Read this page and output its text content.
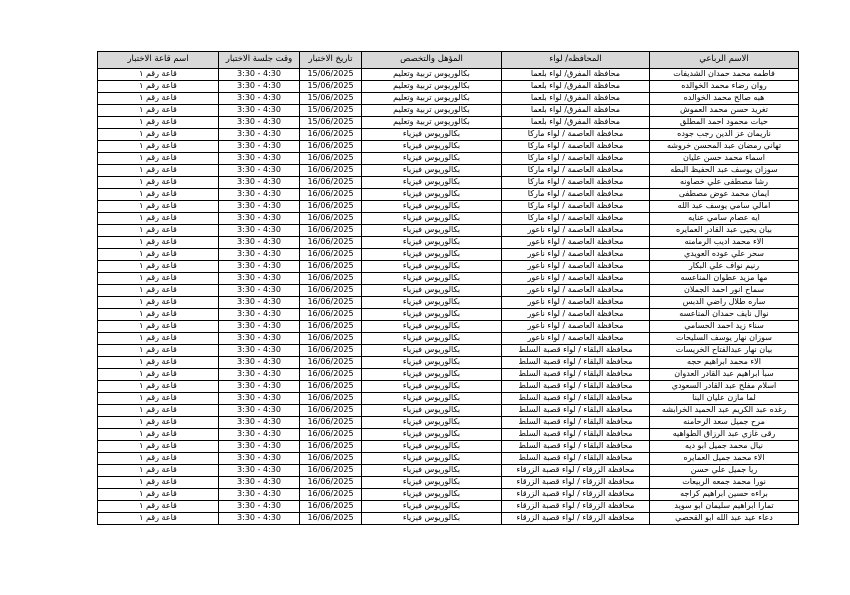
الاسم الرباعي	المحافظه/ لواء	المؤهل والتخصص	تاريخ الاختبار	وقت جلسة الاختبار	اسم قاعة الاختبار
فاطمه محمد حمدان الشديفات	محافظة المفرق/ لواء بلعما	بكالوريوس تربية وتعليم	15/06/2025	3:30 - 4:30	قاعة رقم ١
روان رضاء محمد الخوالده	محافظة المفرق/ لواء بلعما	بكالوريوس تربية وتعليم	15/06/2025	3:30 - 4:30	قاعة رقم ١
هبه صالح محمد الخوالده	محافظة المفرق/ لواء بلعما	بكالوريوس تربية وتعليم	15/06/2025	3:30 - 4:30	قاعة رقم ١
تغريد حسن محمد العموش	محافظة المفرق/ لواء بلعما	بكالوريوس تربية وتعليم	15/06/2025	3:30 - 4:30	قاعة رقم ١
حيات محمود احمد المطلق	محافظة المفرق/ لواء بلعما	بكالوريوس تربية وتعليم	15/06/2025	3:30 - 4:30	قاعة رقم ١
ناريمان عز الدين رجب جوده	محافظة العاصمة / لواء ماركا	بكالوريوس فيزياء	16/06/2025	3:30 - 4:30	قاعة رقم ١
تهاني رمضان عبد المحسن خروشه	محافظة العاصمة / لواء ماركا	بكالوريوس فيزياء	16/06/2025	3:30 - 4:30	قاعة رقم ١
اسماء محمد حسن عليان	محافظة العاصمة / لواء ماركا	بكالوريوس فيزياء	16/06/2025	3:30 - 4:30	قاعة رقم ١
سوزان يوسف عبد الحفيظ البطه	محافظة العاصمة / لواء ماركا	بكالوريوس فيزياء	16/06/2025	3:30 - 4:30	قاعة رقم ١
رشا مصطفى علي خصاونه	محافظة العاصمة / لواء ماركا	بكالوريوس فيزياء	16/06/2025	3:30 - 4:30	قاعة رقم ١
ايمان محمد عوض مصطفى	محافظة العاصمة / لواء ماركا	بكالوريوس فيزياء	16/06/2025	3:30 - 4:30	قاعة رقم ١
امالي سامي يوسف عبد الله	محافظة العاصمة / لواء ماركا	بكالوريوس فيزياء	16/06/2025	3:30 - 4:30	قاعة رقم ١
ايه عصام سامي عنايه	محافظة العاصمة / لواء ماركا	بكالوريوس فيزياء	16/06/2025	3:30 - 4:30	قاعة رقم ١
بيان يحيى عبد القادر العمايره	محافظة العاصمة / لواء ناعور	بكالوريوس فيزياء	16/06/2025	3:30 - 4:30	قاعة رقم ١
الاء محمد اديب الرمامنه	محافظة العاصمة / لواء ناعور	بكالوريوس فيزياء	16/06/2025	3:30 - 4:30	قاعة رقم ١
سحر علي عوده العويدي	محافظة العاصمة / لواء ناعور	بكالوريوس فيزياء	16/06/2025	3:30 - 4:30	قاعة رقم ١
رنيم نواف علي البكار	محافظة العاصمة / لواء ناعور	بكالوريوس فيزياء	16/06/2025	3:30 - 4:30	قاعة رقم ١
مها مزيد عطوان المناعسه	محافظة العاصمة / لواء ناعور	بكالوريوس فيزياء	16/06/2025	3:30 - 4:30	قاعة رقم ١
سماح انور احمد الجملان	محافظة العاصمة / لواء ناعور	بكالوريوس فيزياء	16/06/2025	3:30 - 4:30	قاعة رقم ١
ساره طلال راضي الدبس	محافظة العاصمة / لواء ناعور	بكالوريوس فيزياء	16/06/2025	3:30 - 4:30	قاعة رقم ١
نوال نايف حمدان المناعسه	محافظة العاصمة / لواء ناعور	بكالوريوس فيزياء	16/06/2025	3:30 - 4:30	قاعة رقم ١
سناء زيد احمد الحسامي	محافظة العاصمة / لواء ناعور	بكالوريوس فيزياء	16/06/2025	3:30 - 4:30	قاعة رقم ١
سوزان نهار يوسف السليحات	محافظة العاصمة / لواء ناعور	بكالوريوس فيزياء	16/06/2025	3:30 - 4:30	قاعة رقم ١
بيان نهار عبدالفتاح الخريسات	محافظة البلقاء / لواء قصبة السلط	بكالوريوس فيزياء	16/06/2025	3:30 - 4:30	قاعة رقم ١
الاء محمد ابراهيم حجه	محافظة البلقاء / لواء قصبة السلط	بكالوريوس فيزياء	16/06/2025	3:30 - 4:30	قاعة رقم ١
سبأ ابراهيم عبد القادر العدوان	محافظة البلقاء / لواء قصبة السلط	بكالوريوس فيزياء	16/06/2025	3:30 - 4:30	قاعة رقم ١
اسلام مفلح عبد القادر السعودي	محافظة البلقاء / لواء قصبة السلط	بكالوريوس فيزياء	16/06/2025	3:30 - 4:30	قاعة رقم ١
لما مازن عليان البنا	محافظة البلقاء / لواء قصبة السلط	بكالوريوس فيزياء	16/06/2025	3:30 - 4:30	قاعة رقم ١
رغده عبد الكريم عبد الحميد الخرابشه	محافظة البلقاء / لواء قصبة السلط	بكالوريوس فيزياء	16/06/2025	3:30 - 4:30	قاعة رقم ١
مرح جميل سعد الرحامنه	محافظة البلقاء / لواء قصبة السلط	بكالوريوس فيزياء	16/06/2025	3:30 - 4:30	قاعة رقم ١
رقى غازي عبد الرزاق الطواهيه	محافظة البلقاء / لواء قصبة السلط	بكالوريوس فيزياء	16/06/2025	3:30 - 4:30	قاعة رقم ١
نيال محمد جميل ابو ديه	محافظة البلقاء / لواء قصبة السلط	بكالوريوس فيزياء	16/06/2025	3:30 - 4:30	قاعة رقم ١
الاء محمد جميل العمايره	محافظة البلقاء / لواء قصبة السلط	بكالوريوس فيزياء	16/06/2025	3:30 - 4:30	قاعة رقم ١
ريا جميل علي حسن	محافظة الزرقاء / لواء قصبة الزرقاء	بكالوريوس فيزياء	16/06/2025	3:30 - 4:30	قاعة رقم ١
نورا محمد جمعه الربيعات	محافظة الزرقاء / لواء قصبة الزرقاء	بكالوريوس فيزياء	16/06/2025	3:30 - 4:30	قاعة رقم ١
براءه حسين ابراهيم كراجه	محافظة الزرقاء / لواء قصبة الزرقاء	بكالوريوس فيزياء	16/06/2025	3:30 - 4:30	قاعة رقم ١
تمارا ابراهيم سليمان ابو سويد	محافظة الزرقاء / لواء قصبة الزرقاء	بكالوريوس فيزياء	16/06/2025	3:30 - 4:30	قاعة رقم ١
دعاء عيد عبد الله ابو القحصي	محافظة الزرقاء / لواء قصبة الزرقاء	بكالوريوس فيزياء	16/06/2025	3:30 - 4:30	قاعة رقم ١
